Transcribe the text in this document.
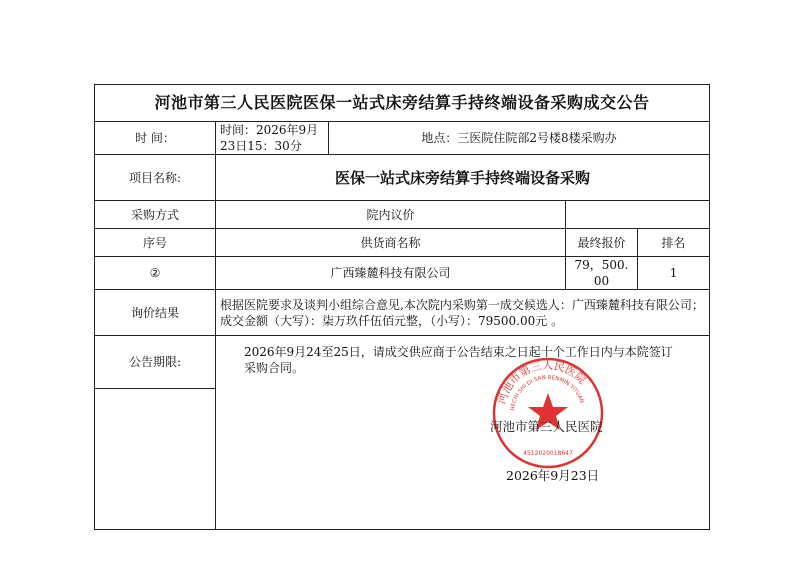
河池市第三人民医院医保一站式床旁结算手持终端设备采购成交公告				
时 间：	时间：2026年9月23日15：30分	地点：三医院住院部2号楼8楼采购办		
项目名称:	医保一站式床旁结算手持终端设备采购			
采购方式	院内议价			
序号	供货商名称		最终报价	排名
②	广西臻麓科技有限公司		79，500. 00	1
询价结果	根据医院要求及谈判小组综合意见,本次院内采购第一成交候选人：广西臻麓科技有限公司；成交金额（大写）：柒万玖仟伍佰元整，（小写）：79500.00元 。			
公告期限:	2026年9月24至25日，请成交供应商于公告结束之日起十个工作日内与本院签订采购合同。			

河池市第三人民医院
HECHI SHI DI SAN RENMIN YIYUAN
4512020018647
河池市第三人民医院
2026年9月23日
